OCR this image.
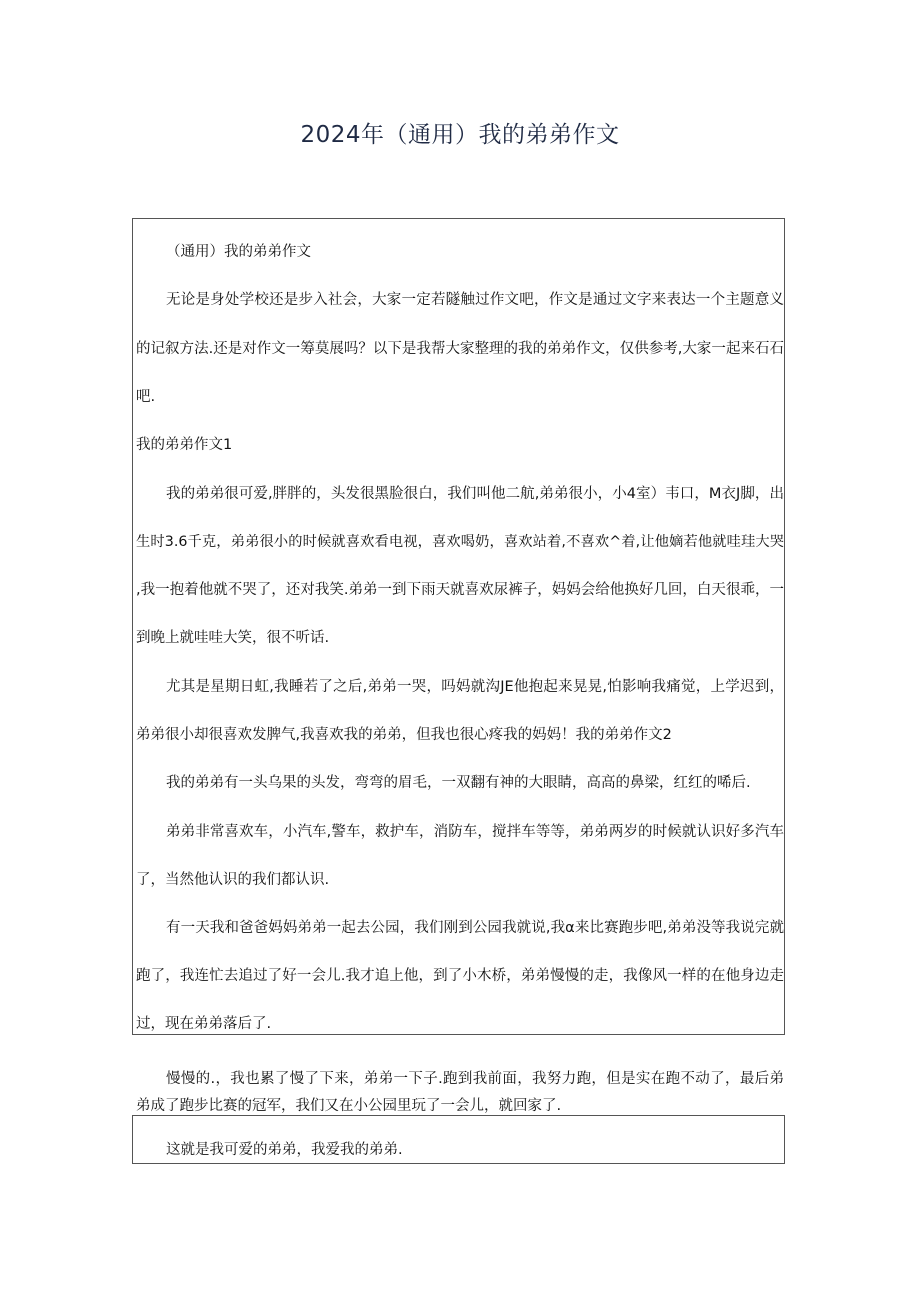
2024年（通用）我的弟弟作文
（通用）我的弟弟作文
无论是身处学校还是步入社会，大家一定若隧触过作文吧，作文是通过文字来表达一个主题意义
的记叙方法.还是对作文一筹莫展吗？以下是我帮大家整理的我的弟弟作文，仅供参考,大家一起来石石
吧.
我的弟弟作文1
我的弟弟很可爱,胖胖的，头发很黑脸很白，我们叫他二航,弟弟很小，小4室）韦口，M衣J脚，出
生时3.6千克，弟弟很小的时候就喜欢看电视，喜欢喝奶，喜欢站着,不喜欢^着,让他嫡若他就哇珪大哭
,我一抱着他就不哭了，还对我笑.弟弟一到下雨天就喜欢尿裤子，妈妈会给他换好几回，白天很乖，一
到晚上就哇哇大笑，很不听话.
尤其是星期日虹,我睡若了之后,弟弟一哭，吗妈就沟JE他抱起来晃晃,怕影响我痛觉，上学迟到，
弟弟很小却很喜欢发脾气,我喜欢我的弟弟，但我也很心疼我的妈妈！我的弟弟作文2
我的弟弟有一头乌果的头发，弯弯的眉毛，一双翻有神的大眼睛，高高的鼻梁，红红的唏后.
弟弟非常喜欢车，小汽车,警车，救护车，消防车，搅拌车等等，弟弟两岁的时候就认识好多汽车
了，当然他认识的我们都认识.
有一天我和爸爸妈妈弟弟一起去公园，我们刚到公园我就说,我α来比赛跑步吧,弟弟没等我说完就
跑了，我连忙去追过了好一会儿.我才追上他，到了小木桥，弟弟慢慢的走，我像风一样的在他身边走
过，现在弟弟落后了.
慢慢的.，我也累了慢了下来，弟弟一下子.跑到我前面，我努力跑，但是实在跑不动了，最后弟
弟成了跑步比赛的冠军，我们又在小公园里玩了一会儿，就回家了.
这就是我可爱的弟弟，我爱我的弟弟.
